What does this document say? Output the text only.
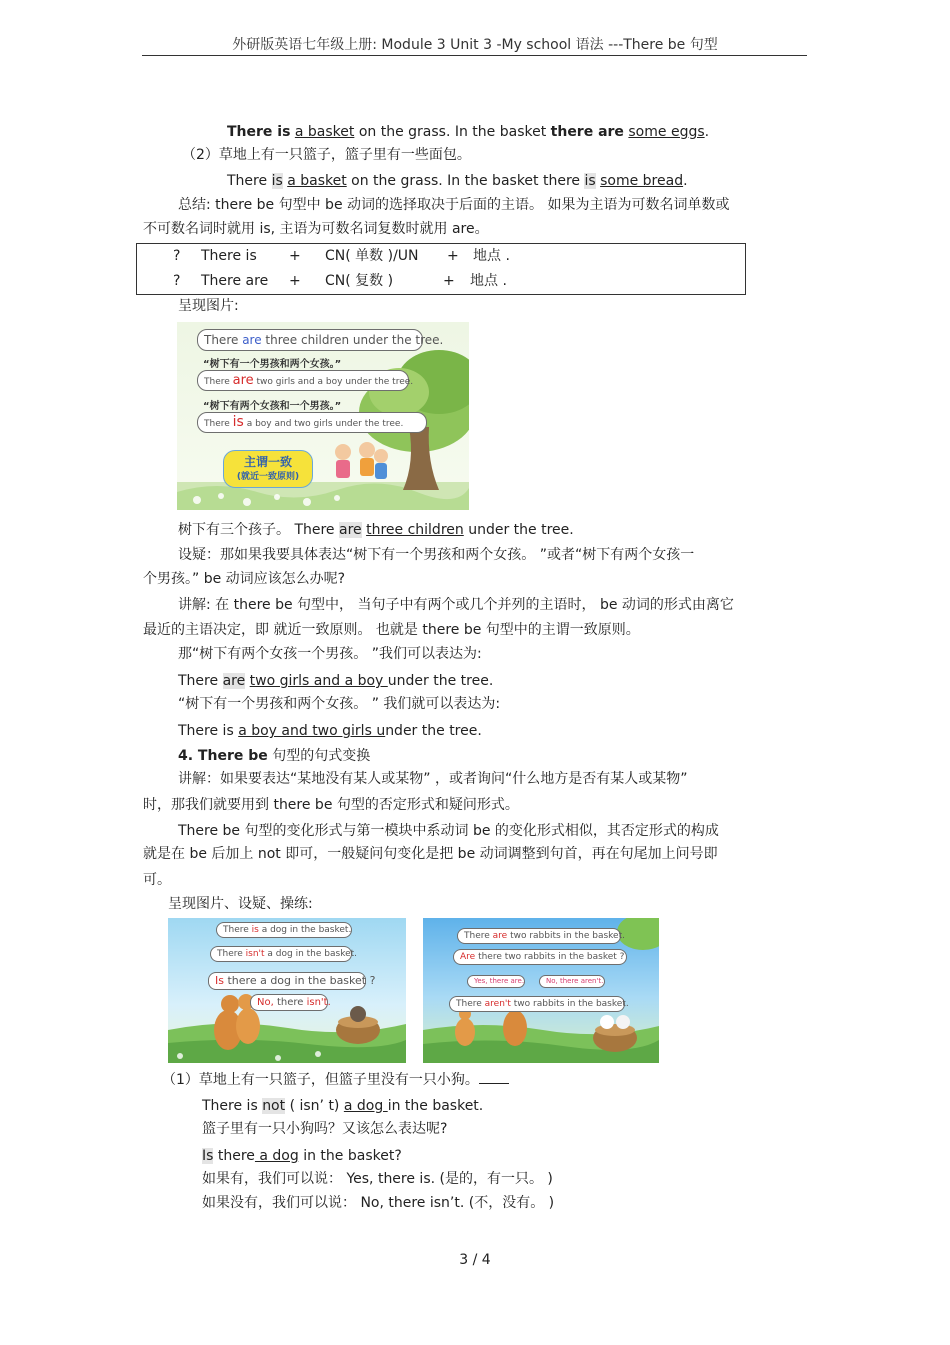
外研版英语七年级上册: Module 3 Unit 3 -My school 语法 ---There be 句型
There is a basket on the grass. In the basket there are some eggs.
（2）草地上有一只篮子，篮子里有一些面包。
There is a basket on the grass. In the basket there is some bread.
总结: there be 句型中 be 动词的选择取决于后面的主语。 如果为主语为可数名词单数或
不可数名词时就用 is, 主语为可数名词复数时就用 are。
? There is + CN( 单数 )/UN + 地点 .
? There are + CN( 复数 )	+ 地点 .
呈现图片:
There are three children under the tree.
“树下有一个男孩和两个女孩。”
There are two girls and a boy under the tree.
“树下有两个女孩和一个男孩。”
There is a boy and two girls under the tree.
主谓一致
(就近一致原则)
树下有三个孩子。 There are three children under the tree.
设疑：那如果我要具体表达“树下有一个男孩和两个女孩。 ”或者“树下有两个女孩一
个男孩。” be 动词应该怎么办呢?
讲解: 在 there be 句型中， 当句子中有两个或几个并列的主语时， be 动词的形式由离它
最近的主语决定，即 就近一致原则。 也就是 there be 句型中的主谓一致原则。
那“树下有两个女孩一个男孩。 ”我们可以表达为:
There are two girls and a boy under the tree.
“树下有一个男孩和两个女孩。 ” 我们就可以表达为:
There is a boy and two girls under the tree.
4. There be 句型的句式变换
讲解：如果要表达“某地没有某人或某物” ，或者询问“什么地方是否有某人或某物”
时，那我们就要用到 there be 句型的否定形式和疑问形式。
There be 句型的变化形式与第一模块中系动词 be 的变化形式相似，其否定形式的构成
就是在 be 后加上 not 即可，一般疑问句变化是把 be 动词调整到句首，再在句尾加上问号即
可。
呈现图片、设疑、操练:
There is a dog in the basket.
There isn't a dog in the basket.
Is there a dog in the basket ?
No, there isn't.
There are two rabbits in the basket.
Are there two rabbits in the basket ?
Yes, there are.	No, there aren't.
There aren't two rabbits in the basket.
（1）草地上有一只篮子，但篮子里没有一只小狗。
There is not ( isn’ t) a dog in the basket.
篮子里有一只小狗吗？又该怎么表达呢?
Is there a dog in the basket?
如果有，我们可以说： Yes, there is. (是的，有一只。 )
如果没有，我们可以说： No, there isn’t. (不，没有。 )
3 / 4
